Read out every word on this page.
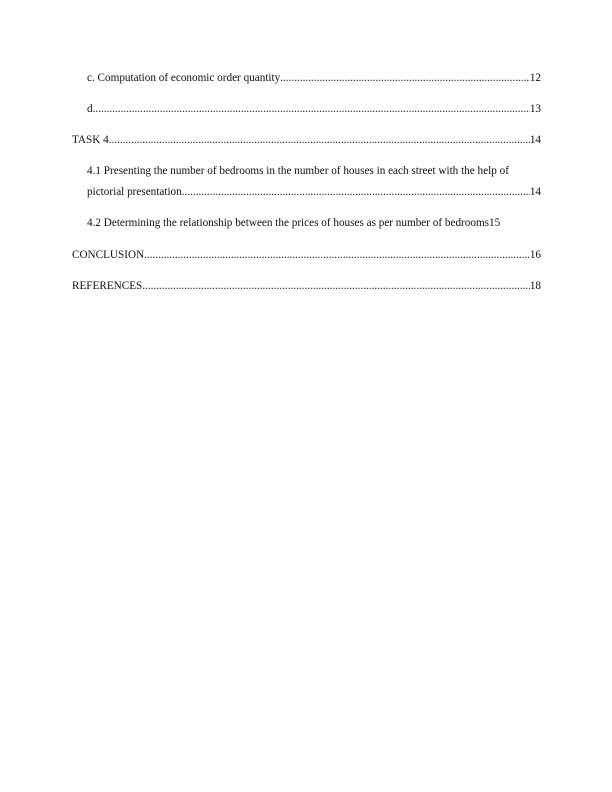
c. Computation of economic order quantity .....	12
d .....	13
TASK 4 .....	14
4.1 Presenting the number of bedrooms in the number of houses in each street with the help of
pictorial presentation .....	14
4.2 Determining the relationship between the prices of houses as per number of bedrooms 15
CONCLUSION .....	16
REFERENCES .....	18
